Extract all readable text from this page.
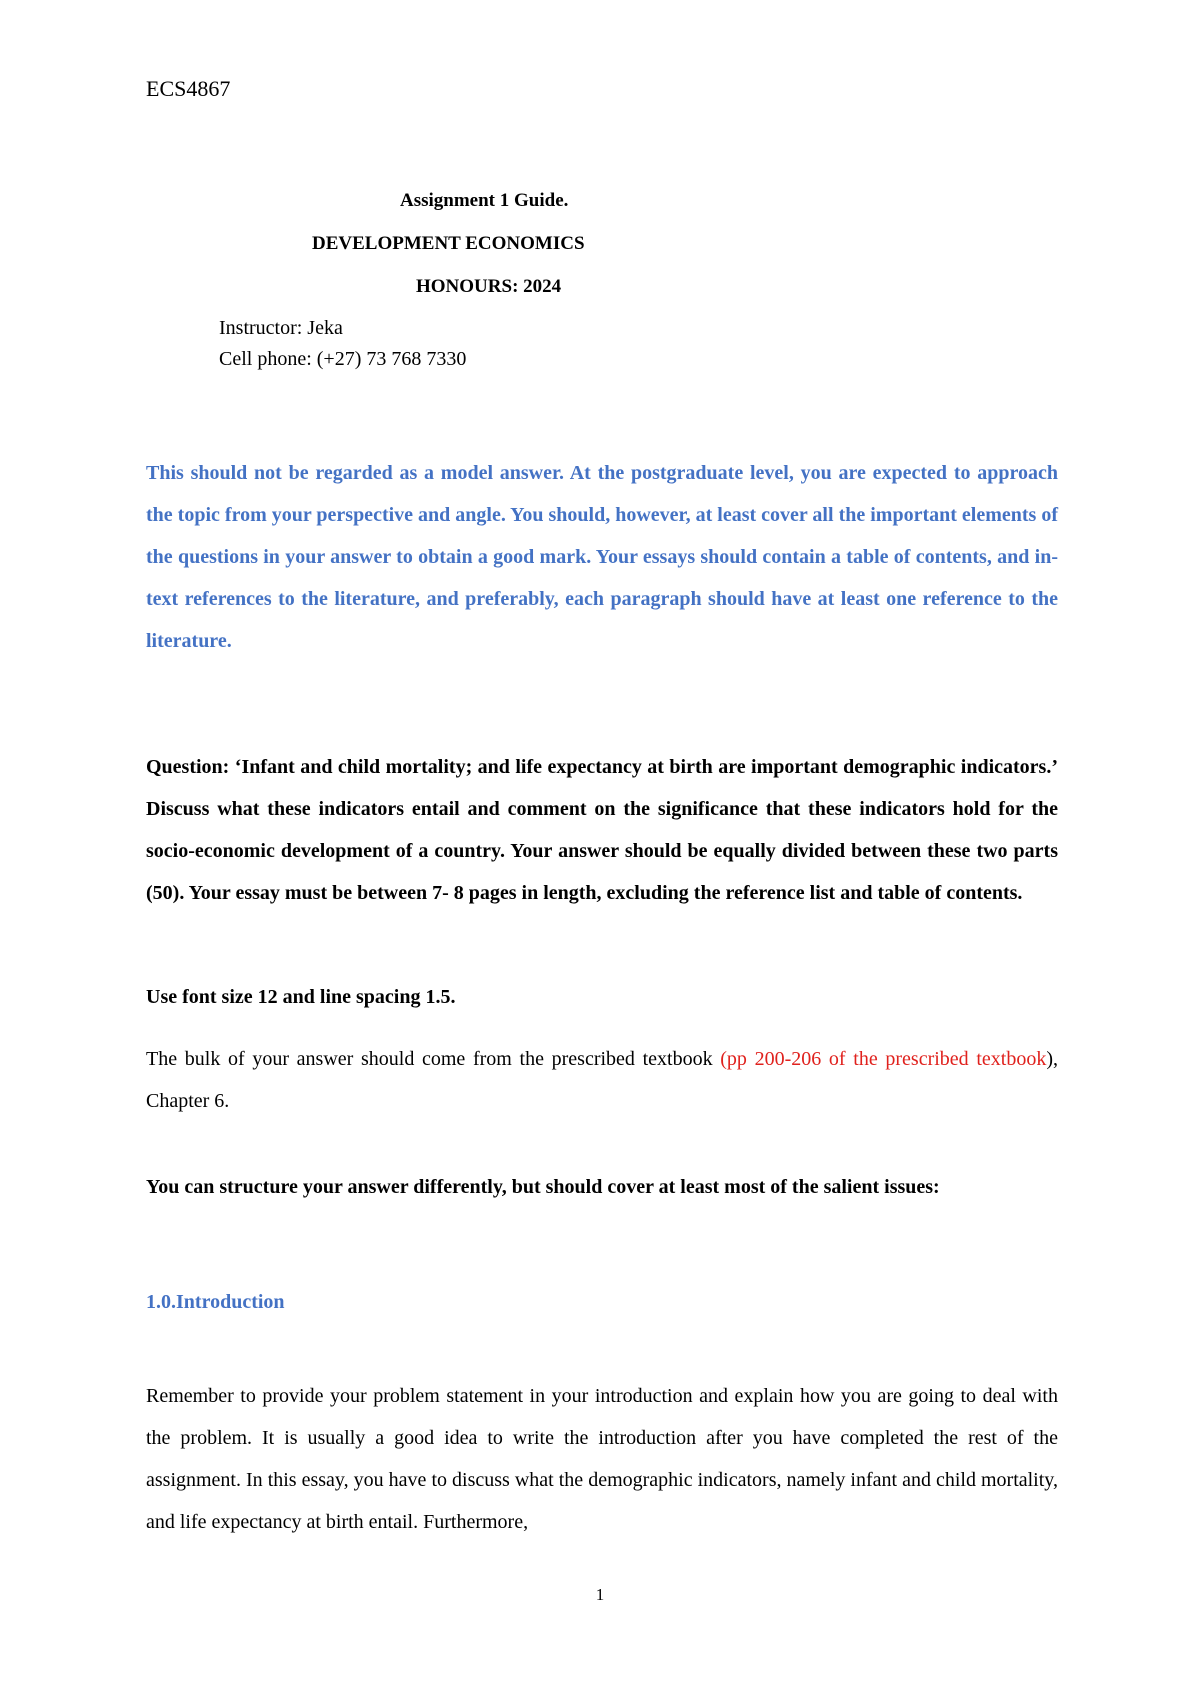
ECS4867
Assignment 1 Guide.
DEVELOPMENT ECONOMICS
HONOURS: 2024
Instructor: Jeka
Cell phone: (+27) 73 768 7330
This should not be regarded as a model answer. At the postgraduate level, you are expected to approach the topic from your perspective and angle. You should, however, at least cover all the important elements of the questions in your answer to obtain a good mark. Your essays should contain a table of contents, and in-text references to the literature, and preferably, each paragraph should have at least one reference to the literature.
Question: ‘Infant and child mortality; and life expectancy at birth are important demographic indicators.’ Discuss what these indicators entail and comment on the significance that these indicators hold for the socio-economic development of a country. Your answer should be equally divided between these two parts (50). Your essay must be between 7- 8 pages in length, excluding the reference list and table of contents.
Use font size 12 and line spacing 1.5.
The bulk of your answer should come from the prescribed textbook (pp 200-206 of the prescribed textbook), Chapter 6.
You can structure your answer differently, but should cover at least most of the salient issues:
1.0.Introduction
Remember to provide your problem statement in your introduction and explain how you are going to deal with the problem. It is usually a good idea to write the introduction after you have completed the rest of the assignment. In this essay, you have to discuss what the demographic indicators, namely infant and child mortality, and life expectancy at birth entail. Furthermore,
1
